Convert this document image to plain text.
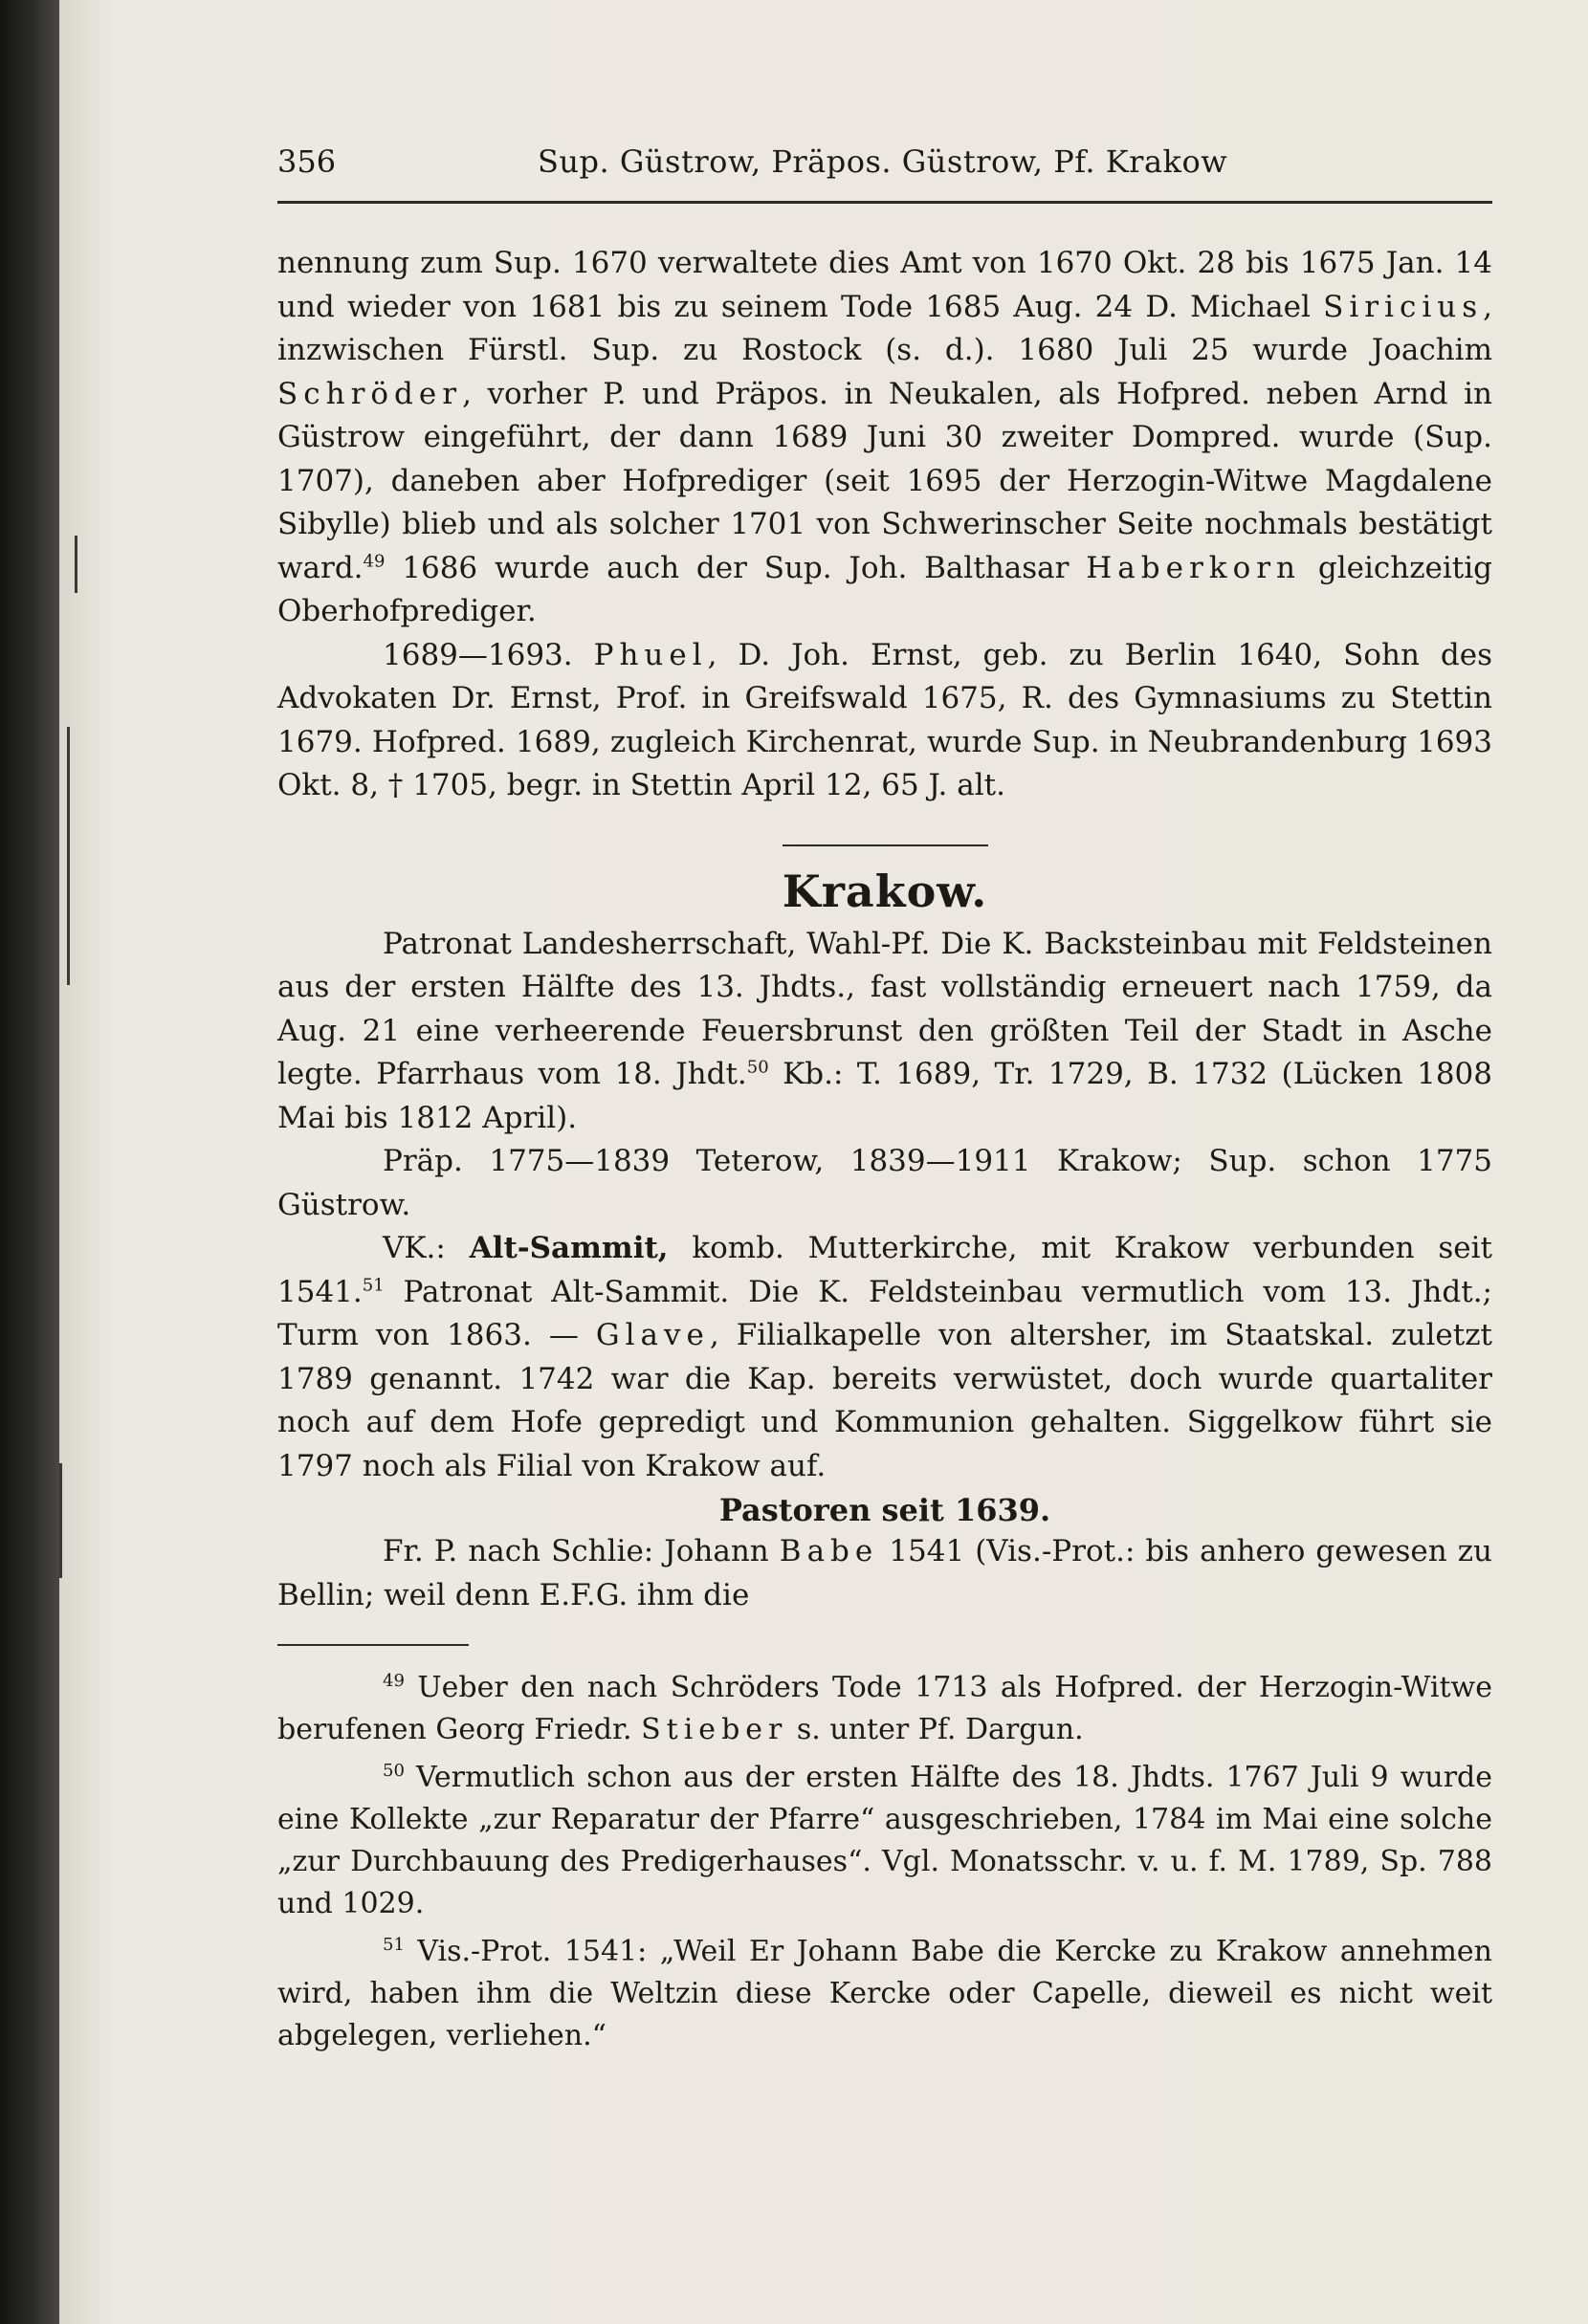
356	Sup. Güstrow, Präpos. Güstrow, Pf. Krakow

nennung zum Sup. 1670 verwaltete dies Amt von 1670 Okt. 28 bis 1675 Jan. 14 und wieder von 1681 bis zu seinem Tode 1685 Aug. 24 D. Michael Siricius, inzwischen Fürstl. Sup. zu Rostock (s. d.). 1680 Juli 25 wurde Joachim Schröder, vorher P. und Präpos. in Neukalen, als Hofpred. neben Arnd in Güstrow eingeführt, der dann 1689 Juni 30 zweiter Dompred. wurde (Sup. 1707), daneben aber Hofprediger (seit 1695 der Herzogin-Witwe Magdalene Sibylle) blieb und als solcher 1701 von Schwerinscher Seite nochmals bestätigt ward.$^{49}$ 1686 wurde auch der Sup. Joh. Balthasar Haberkorn gleichzeitig Oberhofprediger.

1689—1693. Phuel, D. Joh. Ernst, geb. zu Berlin 1640, Sohn des Advokaten Dr. Ernst, Prof. in Greifswald 1675, R. des Gymnasiums zu Stettin 1679. Hofpred. 1689, zugleich Kirchenrat, wurde Sup. in Neubrandenburg 1693 Okt. 8, † 1705, begr. in Stettin April 12, 65 J. alt.

Krakow.

Patronat Landesherrschaft, Wahl-Pf. Die K. Backsteinbau mit Feldsteinen aus der ersten Hälfte des 13. Jhdts., fast vollständig erneuert nach 1759, da Aug. 21 eine verheerende Feuersbrunst den größten Teil der Stadt in Asche legte. Pfarrhaus vom 18. Jhdt.$^{50}$ Kb.: T. 1689, Tr. 1729, B. 1732 (Lücken 1808 Mai bis 1812 April).

Präp. 1775—1839 Teterow, 1839—1911 Krakow; Sup. schon 1775 Güstrow.

VK.: Alt-Sammit, komb. Mutterkirche, mit Krakow verbunden seit 1541.51 Patronat Alt-Sammit. Die K. Feldsteinbau vermutlich vom 13. Jhdt.; Turm von 1863. — Glave, Filialkapelle von altersher, im Staatskal. zuletzt 1789 genannt. 1742 war die Kap. bereits verwüstet, doch wurde quartaliter noch auf dem Hofe gepredigt und Kommunion gehalten. Siggelkow führt sie 1797 noch als Filial von Krakow auf.

Pastoren seit 1639.

Fr. P. nach Schlie: Johann Babe 1541 (Vis.-Prot.: bis anhero gewesen zu Bellin; weil denn E.F.G. ihm die

$^{49}$ Ueber den nach Schröders Tode 1713 als Hofpred. der Herzogin-Witwe berufenen Georg Friedr. Stieber s. unter Pf. Dargun.

$^{50}$ Vermutlich schon aus der ersten Hälfte des 18. Jhdts. 1767 Juli 9 wurde eine Kollekte „zur Reparatur der Pfarre“ ausgeschrieben, 1784 im Mai eine solche „zur Durchbauung des Predigerhauses“. Vgl. Monatsschr. v. u. f. M. 1789, Sp. 788 und 1029.

$^{51}$ Vis.-Prot. 1541: „Weil Er Johann Babe die Kercke zu Krakow annehmen wird, haben ihm die Weltzin diese Kercke oder Capelle, dieweil es nicht weit abgelegen, verliehen.“
